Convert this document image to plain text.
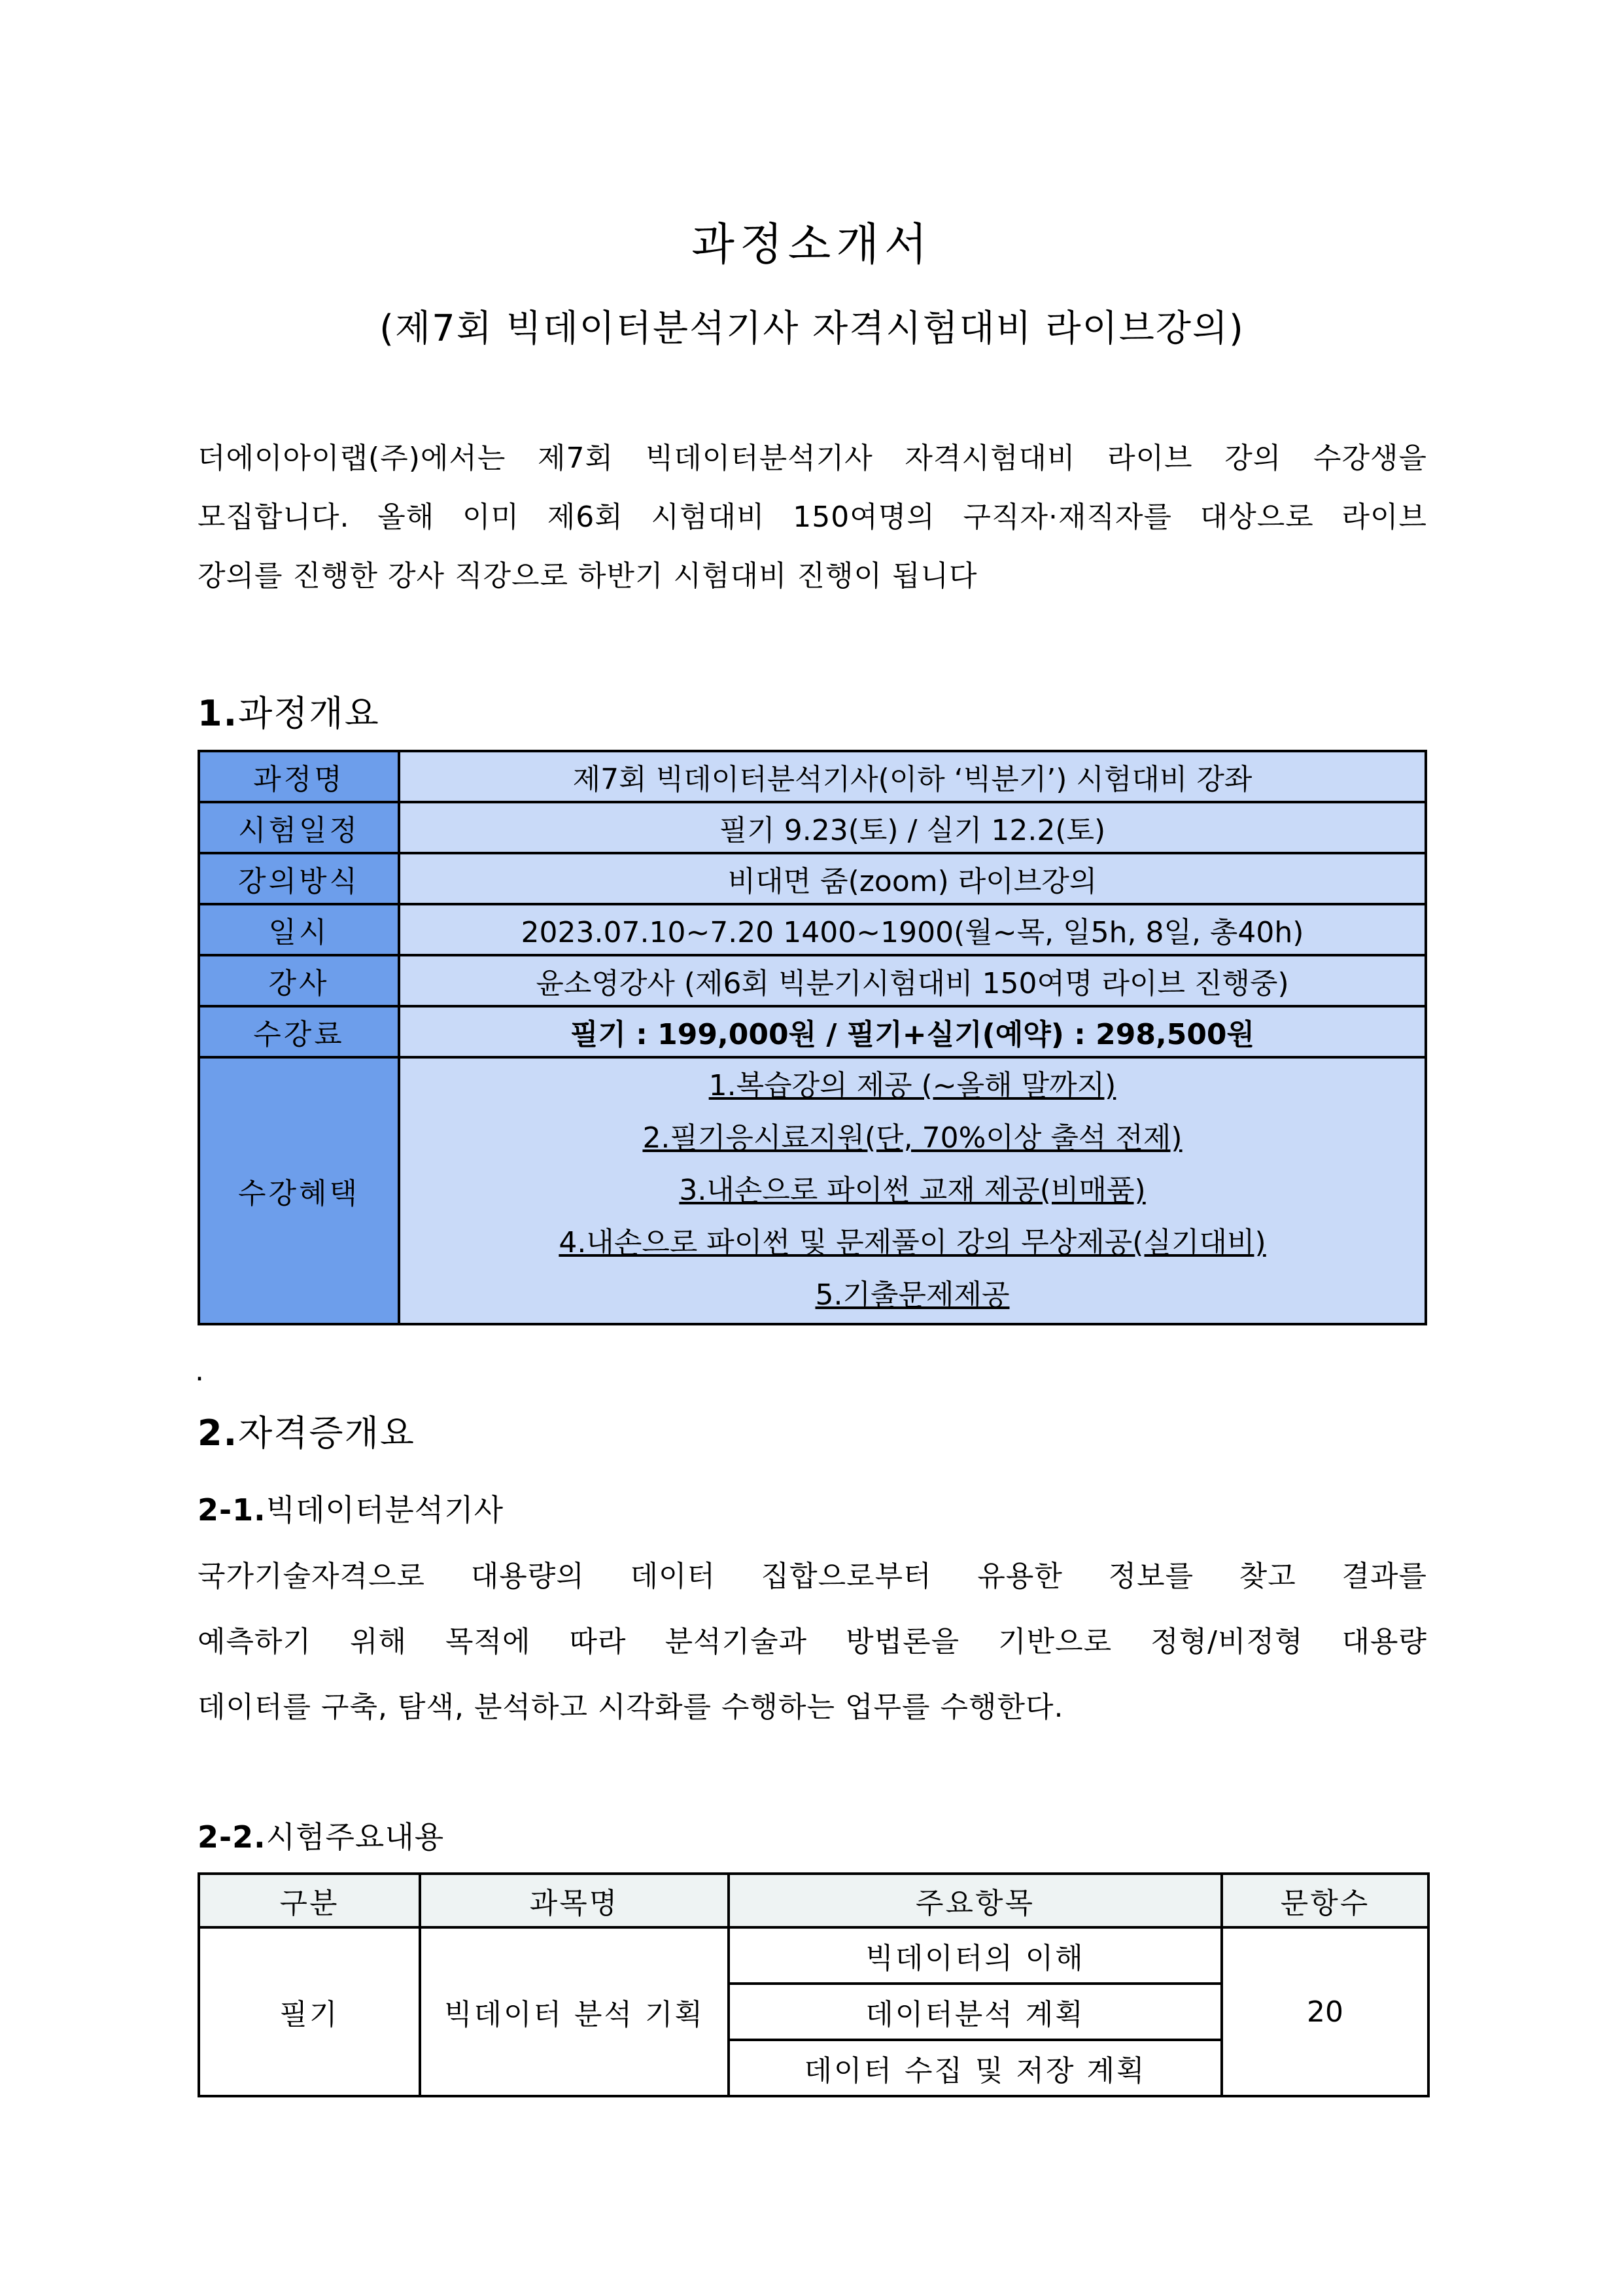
과정소개서
(제7회 빅데이터분석기사 자격시험대비 라이브강의)
더에이아이랩(주)에서는 제7회 빅데이터분석기사 자격시험대비 라이브 강의 수강생을
모집합니다. 올해 이미 제6회 시험대비 150여명의 구직자·재직자를 대상으로 라이브
강의를 진행한 강사 직강으로 하반기 시험대비 진행이 됩니다
1.과정개요
과정명	제7회 빅데이터분석기사(이하 ‘빅분기’) 시험대비 강좌
시험일정	필기 9.23(토) / 실기 12.2(토)
강의방식	비대면 줌(zoom) 라이브강의
일시	2023.07.10~7.20 1400~1900(월~목, 일5h, 8일, 총40h)
강사	윤소영강사 (제6회 빅분기시험대비 150여명 라이브 진행중)
수강료	필기 : 199,000원 / 필기+실기(예약) : 298,500원
수강혜택	1.복습강의 제공 (~올해 말까지)
2.필기응시료지원(단, 70%이상 출석 전제)
3.내손으로 파이썬 교재 제공(비매품)
4.내손으로 파이썬 및 문제풀이 강의 무상제공(실기대비)
5.기출문제제공
.
2.자격증개요
2-1.빅데이터분석기사
국가기술자격으로 대용량의 데이터 집합으로부터 유용한 정보를 찾고 결과를
예측하기 위해 목적에 따라 분석기술과 방법론을 기반으로 정형/비정형 대용량
데이터를 구축, 탐색, 분석하고 시각화를 수행하는 업무를 수행한다.
2-2.시험주요내용
구분	과목명	주요항목	문항수
필기	빅데이터 분석 기획	빅데이터의 이해	20
		데이터분석 계획	
		데이터 수집 및 저장 계획	
